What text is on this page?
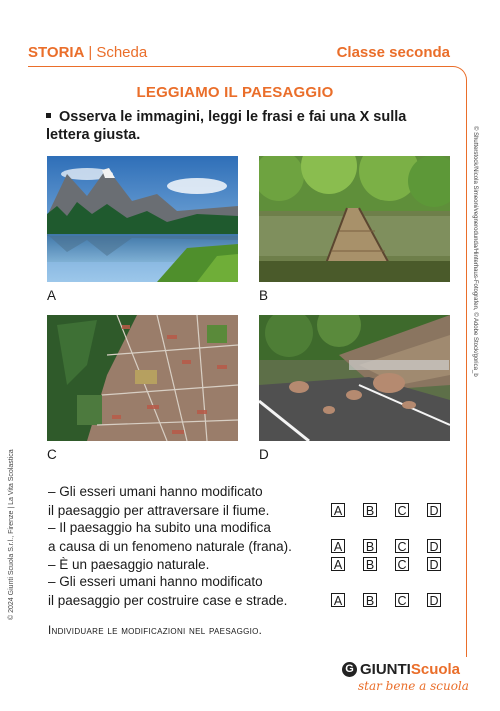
STORIA | Scheda	Classe seconda
LEGGIAMO IL PAESAGGIO
Osserva le immagini, leggi le frasi e fai una X sulla lettera giusta.
A	B
C	D
© 2024 Giunti Scuola S.r.l., Firenze | La Vita Scolastica
© Shutterstock/Nicola Simeoni/vegnerodunda/Hinterhaus-Fotografen, © Adobe Stock/gorica_b
– Gli esseri umani hanno modificato
il paesaggio per attraversare il fiume.	A B C D
– Il paesaggio ha subito una modifica
a causa di un fenomeno naturale (frana).	A B C D
– È un paesaggio naturale.	A B C D
– Gli esseri umani hanno modificato
il paesaggio per costruire case e strade.	A B C D
Individuare le modificazioni nel paesaggio.
G GIUNTI Scuola
star bene a scuola
